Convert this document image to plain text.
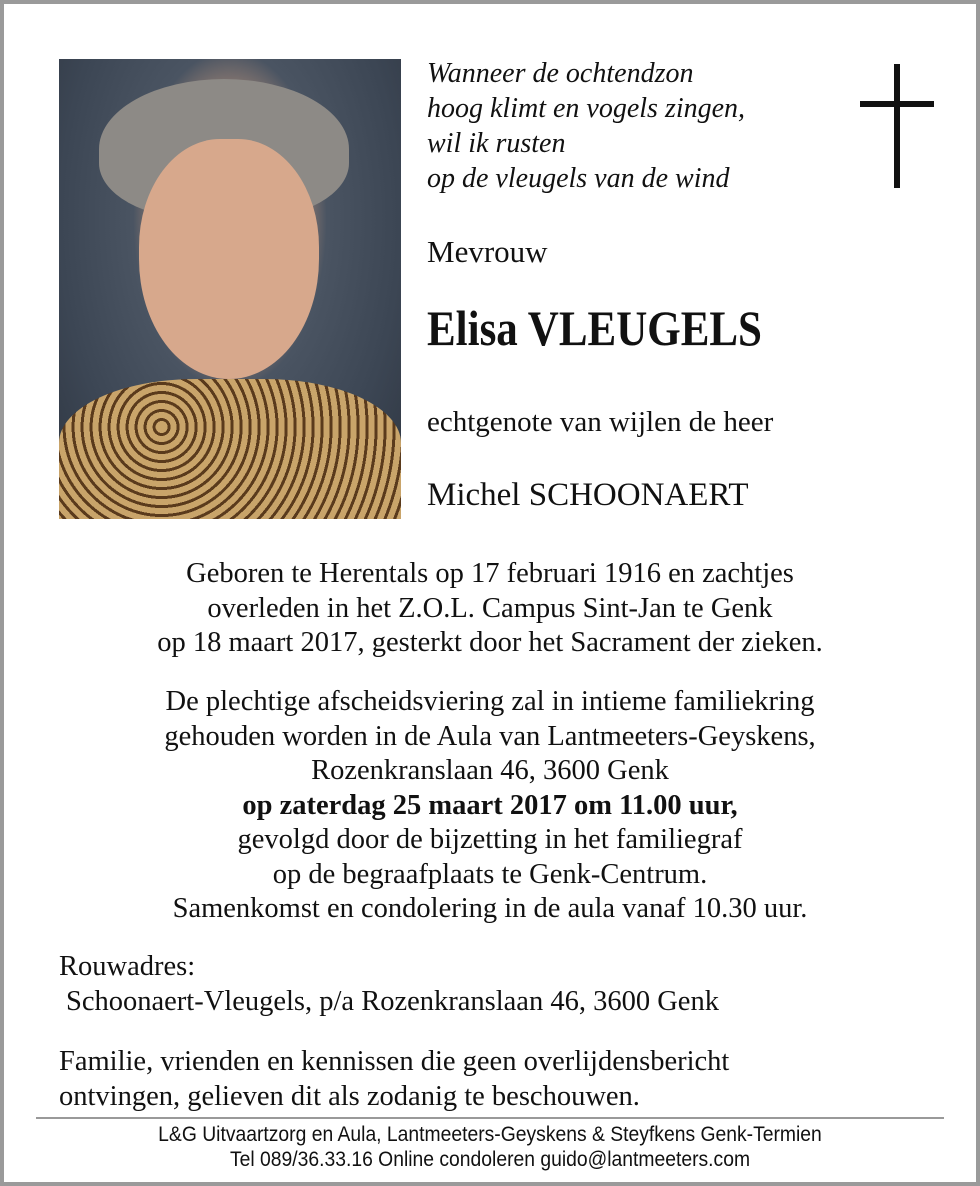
Wanneer de ochtendzon
hoog klimt en vogels zingen,
wil ik rusten
op de vleugels van de wind
Mevrouw
Elisa VLEUGELS
echtgenote van wijlen de heer
Michel SCHOONAERT
Geboren te Herentals op 17 februari 1916 en zachtjes
overleden in het Z.O.L. Campus Sint-Jan te Genk
op 18 maart 2017, gesterkt door het Sacrament der zieken.
De plechtige afscheidsviering zal in intieme familiekring
gehouden worden in de Aula van Lantmeeters-Geyskens,
Rozenkranslaan 46, 3600 Genk
op zaterdag 25 maart 2017 om 11.00 uur,
gevolgd door de bijzetting in het familiegraf
op de begraafplaats te Genk-Centrum.
Samenkomst en condolering in de aula vanaf 10.30 uur.
Rouwadres:
Schoonaert-Vleugels, p/a Rozenkranslaan 46, 3600 Genk
Familie, vrienden en kennissen die geen overlijdensbericht
ontvingen, gelieven dit als zodanig te beschouwen.
L&G Uitvaartzorg en Aula, Lantmeeters-Geyskens & Steyfkens Genk-Termien
Tel 089/36.33.16 Online condoleren guido@lantmeeters.com
